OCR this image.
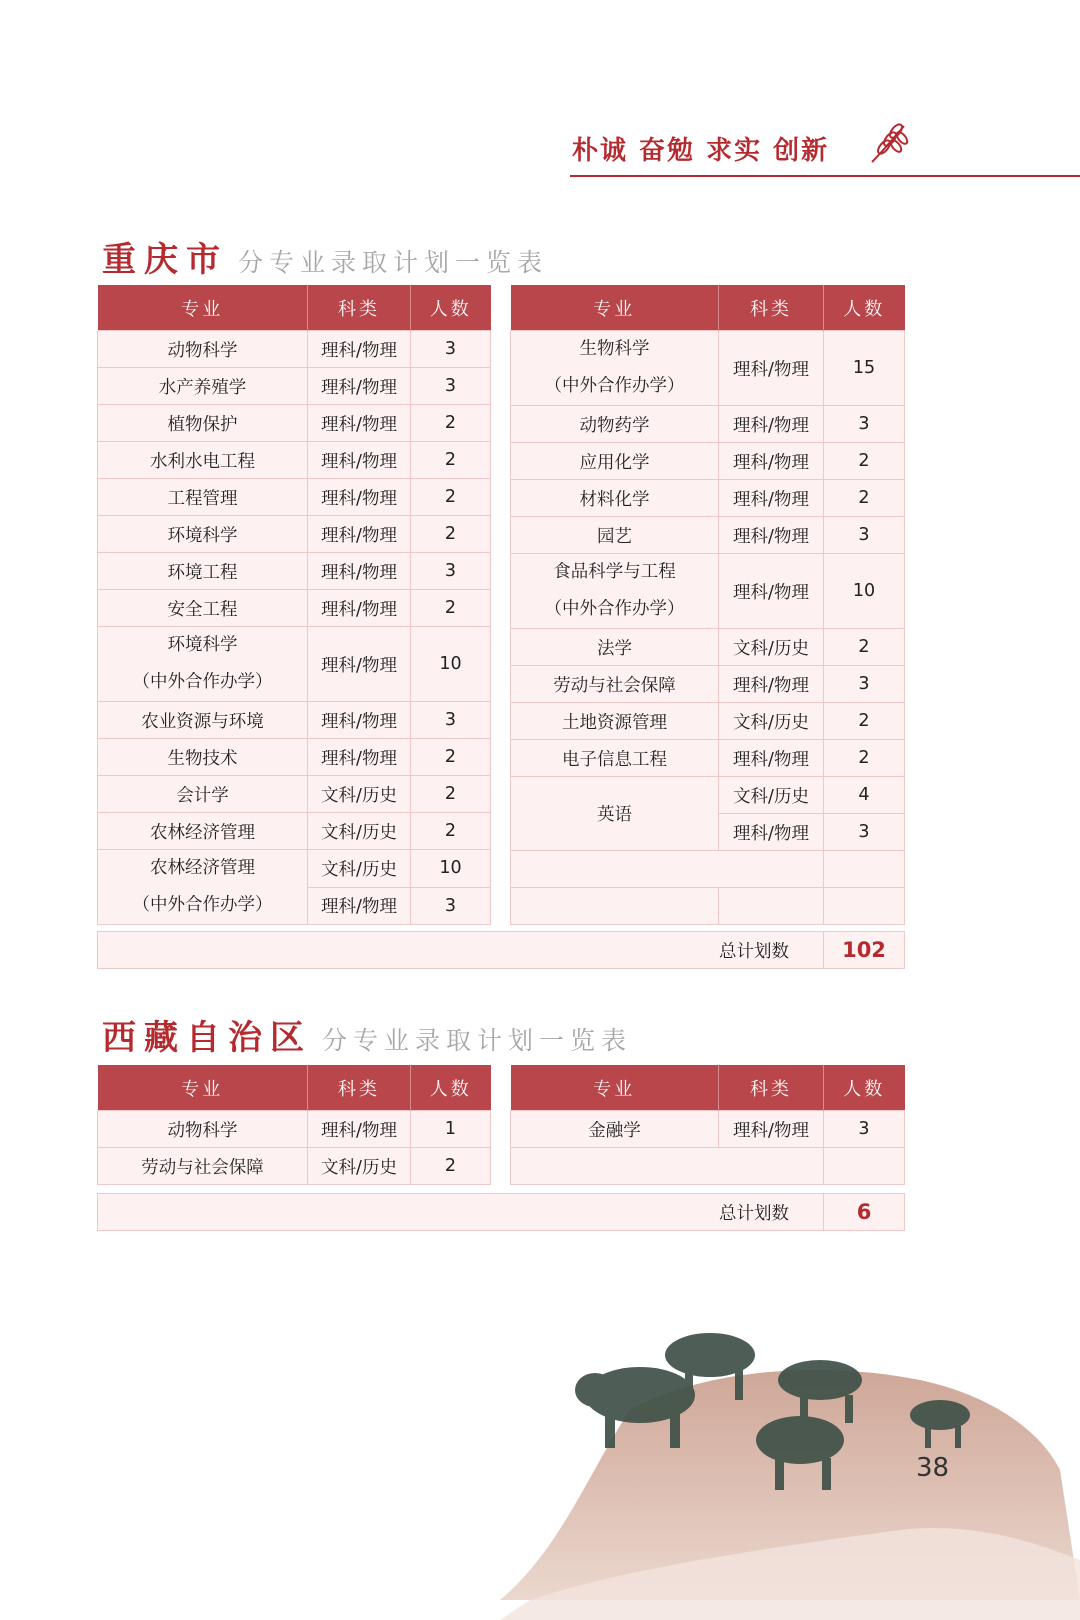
朴诚 奋勉 求实 创新
重庆市 分专业录取计划一览表
专业	科类	人数
动物科学	理科/物理	3
水产养殖学	理科/物理	3
植物保护	理科/物理	2
水利水电工程	理科/物理	2
工程管理	理科/物理	2
环境科学	理科/物理	2
环境工程	理科/物理	3
安全工程	理科/物理	2
环境科学
（中外合作办学）	理科/物理	10
农业资源与环境	理科/物理	3
生物技术	理科/物理	2
会计学	文科/历史	2
农林经济管理	文科/历史	2
农林经济管理
（中外合作办学）	文科/历史	10
	理科/物理	3
专业	科类	人数
生物科学
（中外合作办学）	理科/物理	15
动物药学	理科/物理	3
应用化学	理科/物理	2
材料化学	理科/物理	2
园艺	理科/物理	3
食品科学与工程
（中外合作办学）	理科/物理	10
法学	文科/历史	2
劳动与社会保障	理科/物理	3
土地资源管理	文科/历史	2
电子信息工程	理科/物理	2
英语	文科/历史	4
	理科/物理	3

总计划数	102
西藏自治区 分专业录取计划一览表
专业	科类	人数
动物科学	理科/物理	1
劳动与社会保障	文科/历史	2
专业	科类	人数
金融学	理科/物理	3

总计划数	6
38
